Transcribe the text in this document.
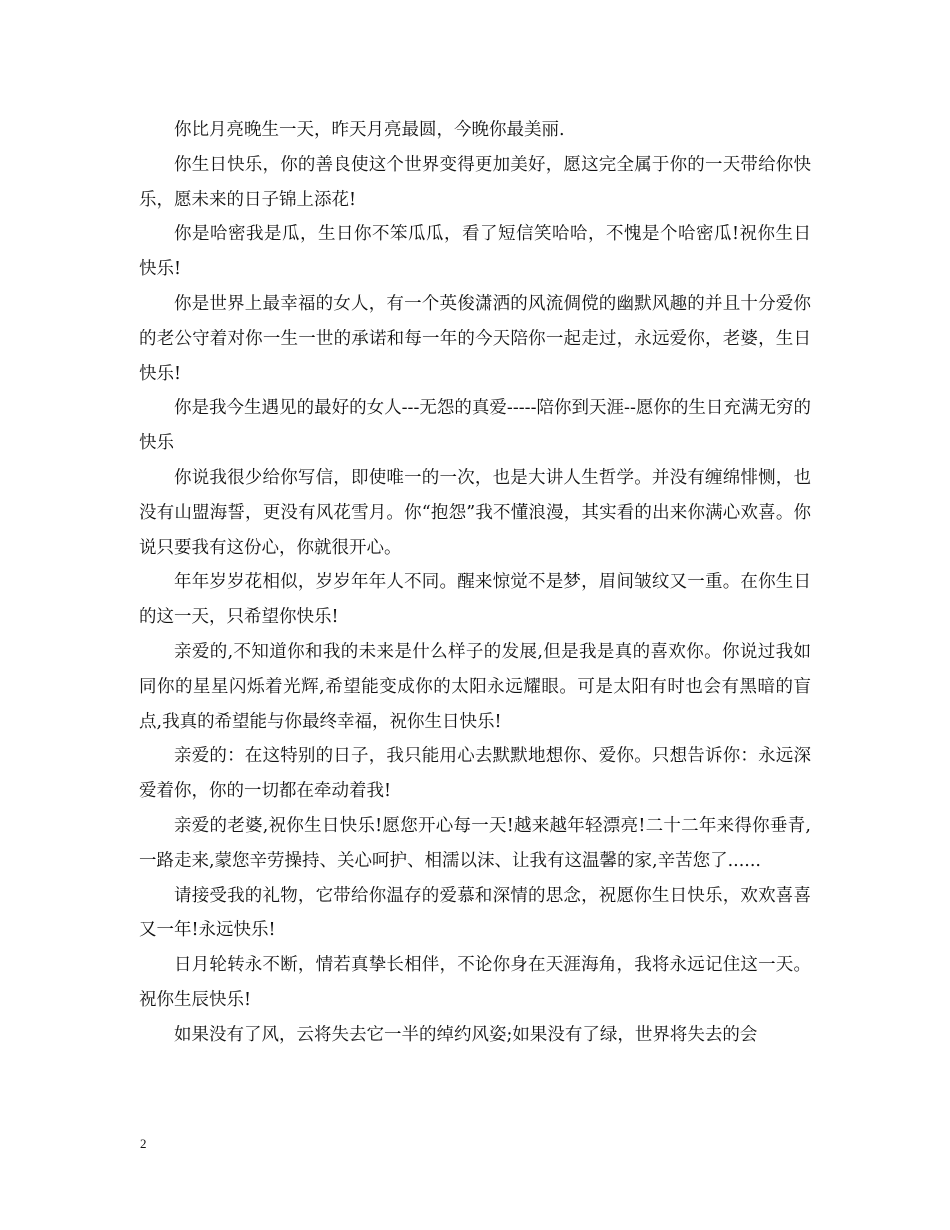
你比月亮晚生一天，昨天月亮最圆，今晚你最美丽.

你生日快乐，你的善良使这个世界变得更加美好，愿这完全属于你的一天带给你快乐，愿未来的日子锦上添花!

你是哈密我是瓜，生日你不笨瓜瓜，看了短信笑哈哈，不愧是个哈密瓜!祝你生日快乐!

你是世界上最幸福的女人，有一个英俊潇洒的风流倜傥的幽默风趣的并且十分爱你的老公守着对你一生一世的承诺和每一年的今天陪你一起走过，永远爱你，老婆，生日快乐!

你是我今生遇见的最好的女人---无怨的真爱-----陪你到天涯--愿你的生日充满无穷的快乐

你说我很少给你写信，即使唯一的一次，也是大讲人生哲学。并没有缠绵悱恻，也没有山盟海誓，更没有风花雪月。你“抱怨”我不懂浪漫，其实看的出来你满心欢喜。你说只要我有这份心，你就很开心。

年年岁岁花相似，岁岁年年人不同。醒来惊觉不是梦，眉间皱纹又一重。在你生日的这一天，只希望你快乐!

亲爱的,不知道你和我的未来是什么样子的发展,但是我是真的喜欢你。你说过我如同你的星星闪烁着光辉,希望能变成你的太阳永远耀眼。可是太阳有时也会有黑暗的盲点,我真的希望能与你最终幸福，祝你生日快乐!

亲爱的：在这特别的日子，我只能用心去默默地想你、爱你。只想告诉你：永远深爱着你，你的一切都在牵动着我!

亲爱的老婆,祝你生日快乐!愿您开心每一天!越来越年轻漂亮!二十二年来得你垂青,一路走来,蒙您辛劳操持、关心呵护、相濡以沫、让我有这温馨的家,辛苦您了......

请接受我的礼物，它带给你温存的爱慕和深情的思念，祝愿你生日快乐，欢欢喜喜又一年!永远快乐!

日月轮转永不断，情若真挚长相伴，不论你身在天涯海角，我将永远记住这一天。祝你生辰快乐!

如果没有了风，云将失去它一半的绰约风姿;如果没有了绿，世界将失去的会

2
